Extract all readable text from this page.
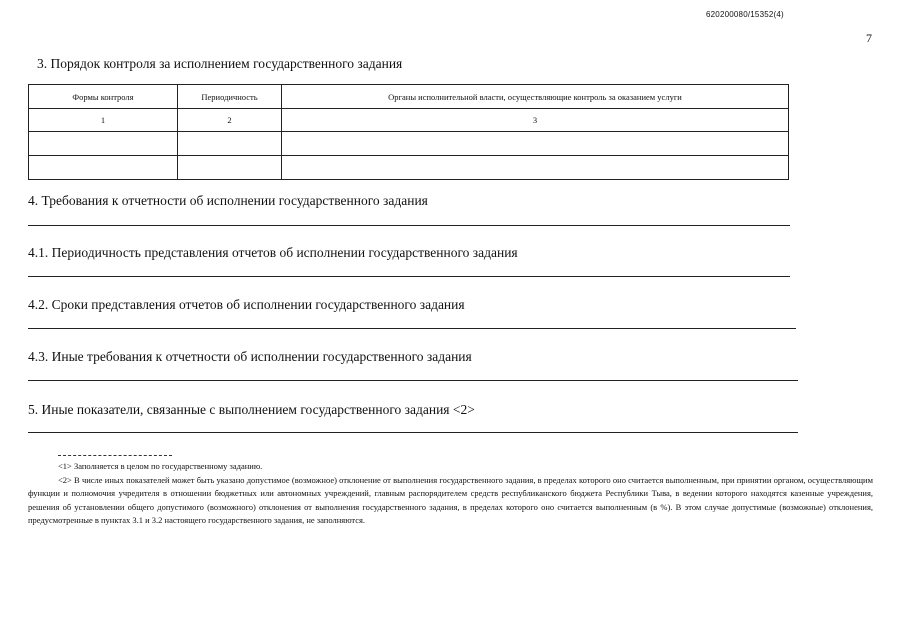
620200080/15352(4)
7
3. Порядок контроля за исполнением государственного задания
Формы контроля	Периодичность	Органы исполнительной власти, осуществляющие контроль за оказанием услуги
1	2	3

4. Требования к отчетности об исполнении государственного задания
4.1. Периодичность представления отчетов об исполнении государственного задания
4.2. Сроки представления отчетов об исполнении государственного задания
4.3. Иные требования к отчетности об исполнении государственного задания
5. Иные показатели, связанные с выполнением государственного задания <2>
<1> Заполняется в целом по государственному заданию.
<2> В числе иных показателей может быть указано допустимое (возможное) отклонение от выполнения государственного задания, в пределах которого оно считается выполненным, при принятии органом, осуществляющим функции и полномочия учредителя в отношении бюджетных или автономных учреждений, главным распорядителем средств республиканского бюджета Республики Тыва, в ведении которого находятся казенные учреждения, решения об установлении общего допустимого (возможного) отклонения от выполнения государственного задания, в пределах которого оно считается выполненным (в %). В этом случае допустимые (возможные) отклонения, предусмотренные в пунктах 3.1 и 3.2 настоящего государственного задания, не заполняются.
